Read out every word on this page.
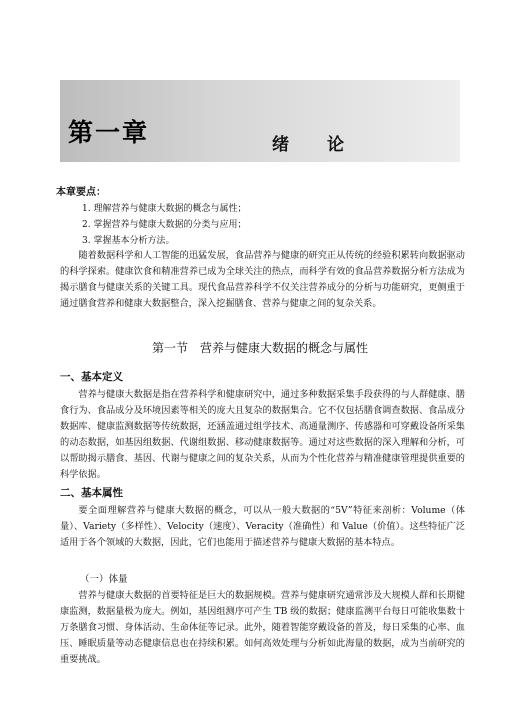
第一章	绪论
本章要点：
1. 理解营养与健康大数据的概念与属性；
2. 掌握营养与健康大数据的分类与应用；
3. 掌握基本分析方法。
随着数据科学和人工智能的迅猛发展，食品营养与健康的研究正从传统的经验积累转向数据驱动的科学探索。健康饮食和精准营养已成为全球关注的热点，而科学有效的食品营养数据分析方法成为揭示膳食与健康关系的关键工具。现代食品营养科学不仅关注营养成分的分析与功能研究，更侧重于通过膳食营养和健康大数据整合，深入挖掘膳食、营养与健康之间的复杂关系。
第一节　营养与健康大数据的概念与属性
一、基本定义
营养与健康大数据是指在营养科学和健康研究中，通过多种数据采集手段获得的与人群健康、膳食行为、食品成分及环境因素等相关的庞大且复杂的数据集合。它不仅包括膳食调查数据、食品成分数据库、健康监测数据等传统数据，还涵盖通过组学技术、高通量测序、传感器和可穿戴设备所采集的动态数据，如基因组数据、代谢组数据、移动健康数据等。通过对这些数据的深入理解和分析，可以帮助揭示膳食、基因、代谢与健康之间的复杂关系，从而为个性化营养与精准健康管理提供重要的科学依据。
二、基本属性
要全面理解营养与健康大数据的概念，可以从一般大数据的“5V”特征来剖析：Volume（体量）、Variety（多样性）、Velocity（速度）、Veracity（准确性）和 Value（价值）。这些特征广泛适用于各个领域的大数据，因此，它们也能用于描述营养与健康大数据的基本特点。
（一）体量
营养与健康大数据的首要特征是巨大的数据规模。营养与健康研究通常涉及大规模人群和长期健康监测，数据量极为庞大。例如，基因组测序可产生 TB 级的数据；健康监测平台每日可能收集数十万条膳食习惯、身体活动、生命体征等记录。此外，随着智能穿戴设备的普及，每日采集的心率、血压、睡眠质量等动态健康信息也在持续积累。如何高效处理与分析如此海量的数据，成为当前研究的重要挑战。
